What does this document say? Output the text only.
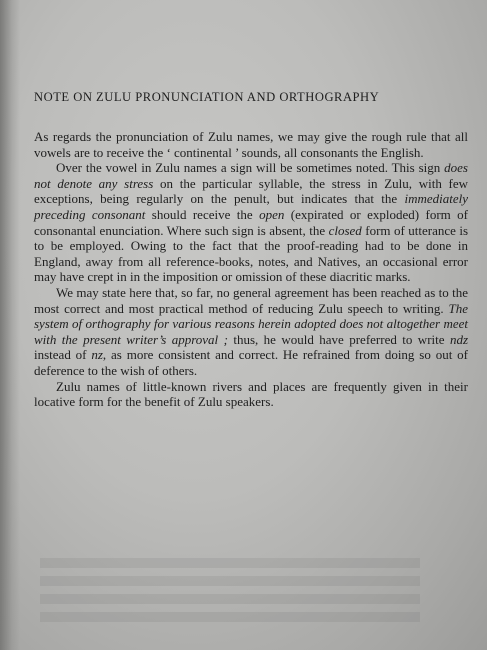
NOTE ON ZULU PRONUNCIATION AND ORTHOGRAPHY

As regards the pronunciation of Zulu names, we may give the rough rule that all vowels are to receive the ‘ continental ’ sounds, all consonants the English.

Over the vowel in Zulu names a sign will be sometimes noted. This sign does not denote any stress on the particular syllable, the stress in Zulu, with few exceptions, being regularly on the penult, but indicates that the immediately preceding consonant should receive the open (expirated or exploded) form of consonantal enunciation. Where such sign is absent, the closed form of utterance is to be employed. Owing to the fact that the proof-reading had to be done in England, away from all reference-books, notes, and Natives, an occasional error may have crept in in the imposition or omission of these diacritic marks.

We may state here that, so far, no general agreement has been reached as to the most correct and most practical method of reducing Zulu speech to writing. The system of orthography for various reasons herein adopted does not altogether meet with the present writer’s approval ; thus, he would have preferred to write ndz instead of nz, as more consistent and correct. He refrained from doing so out of deference to the wish of others.

Zulu names of little-known rivers and places are frequently given in their locative form for the benefit of Zulu speakers.
